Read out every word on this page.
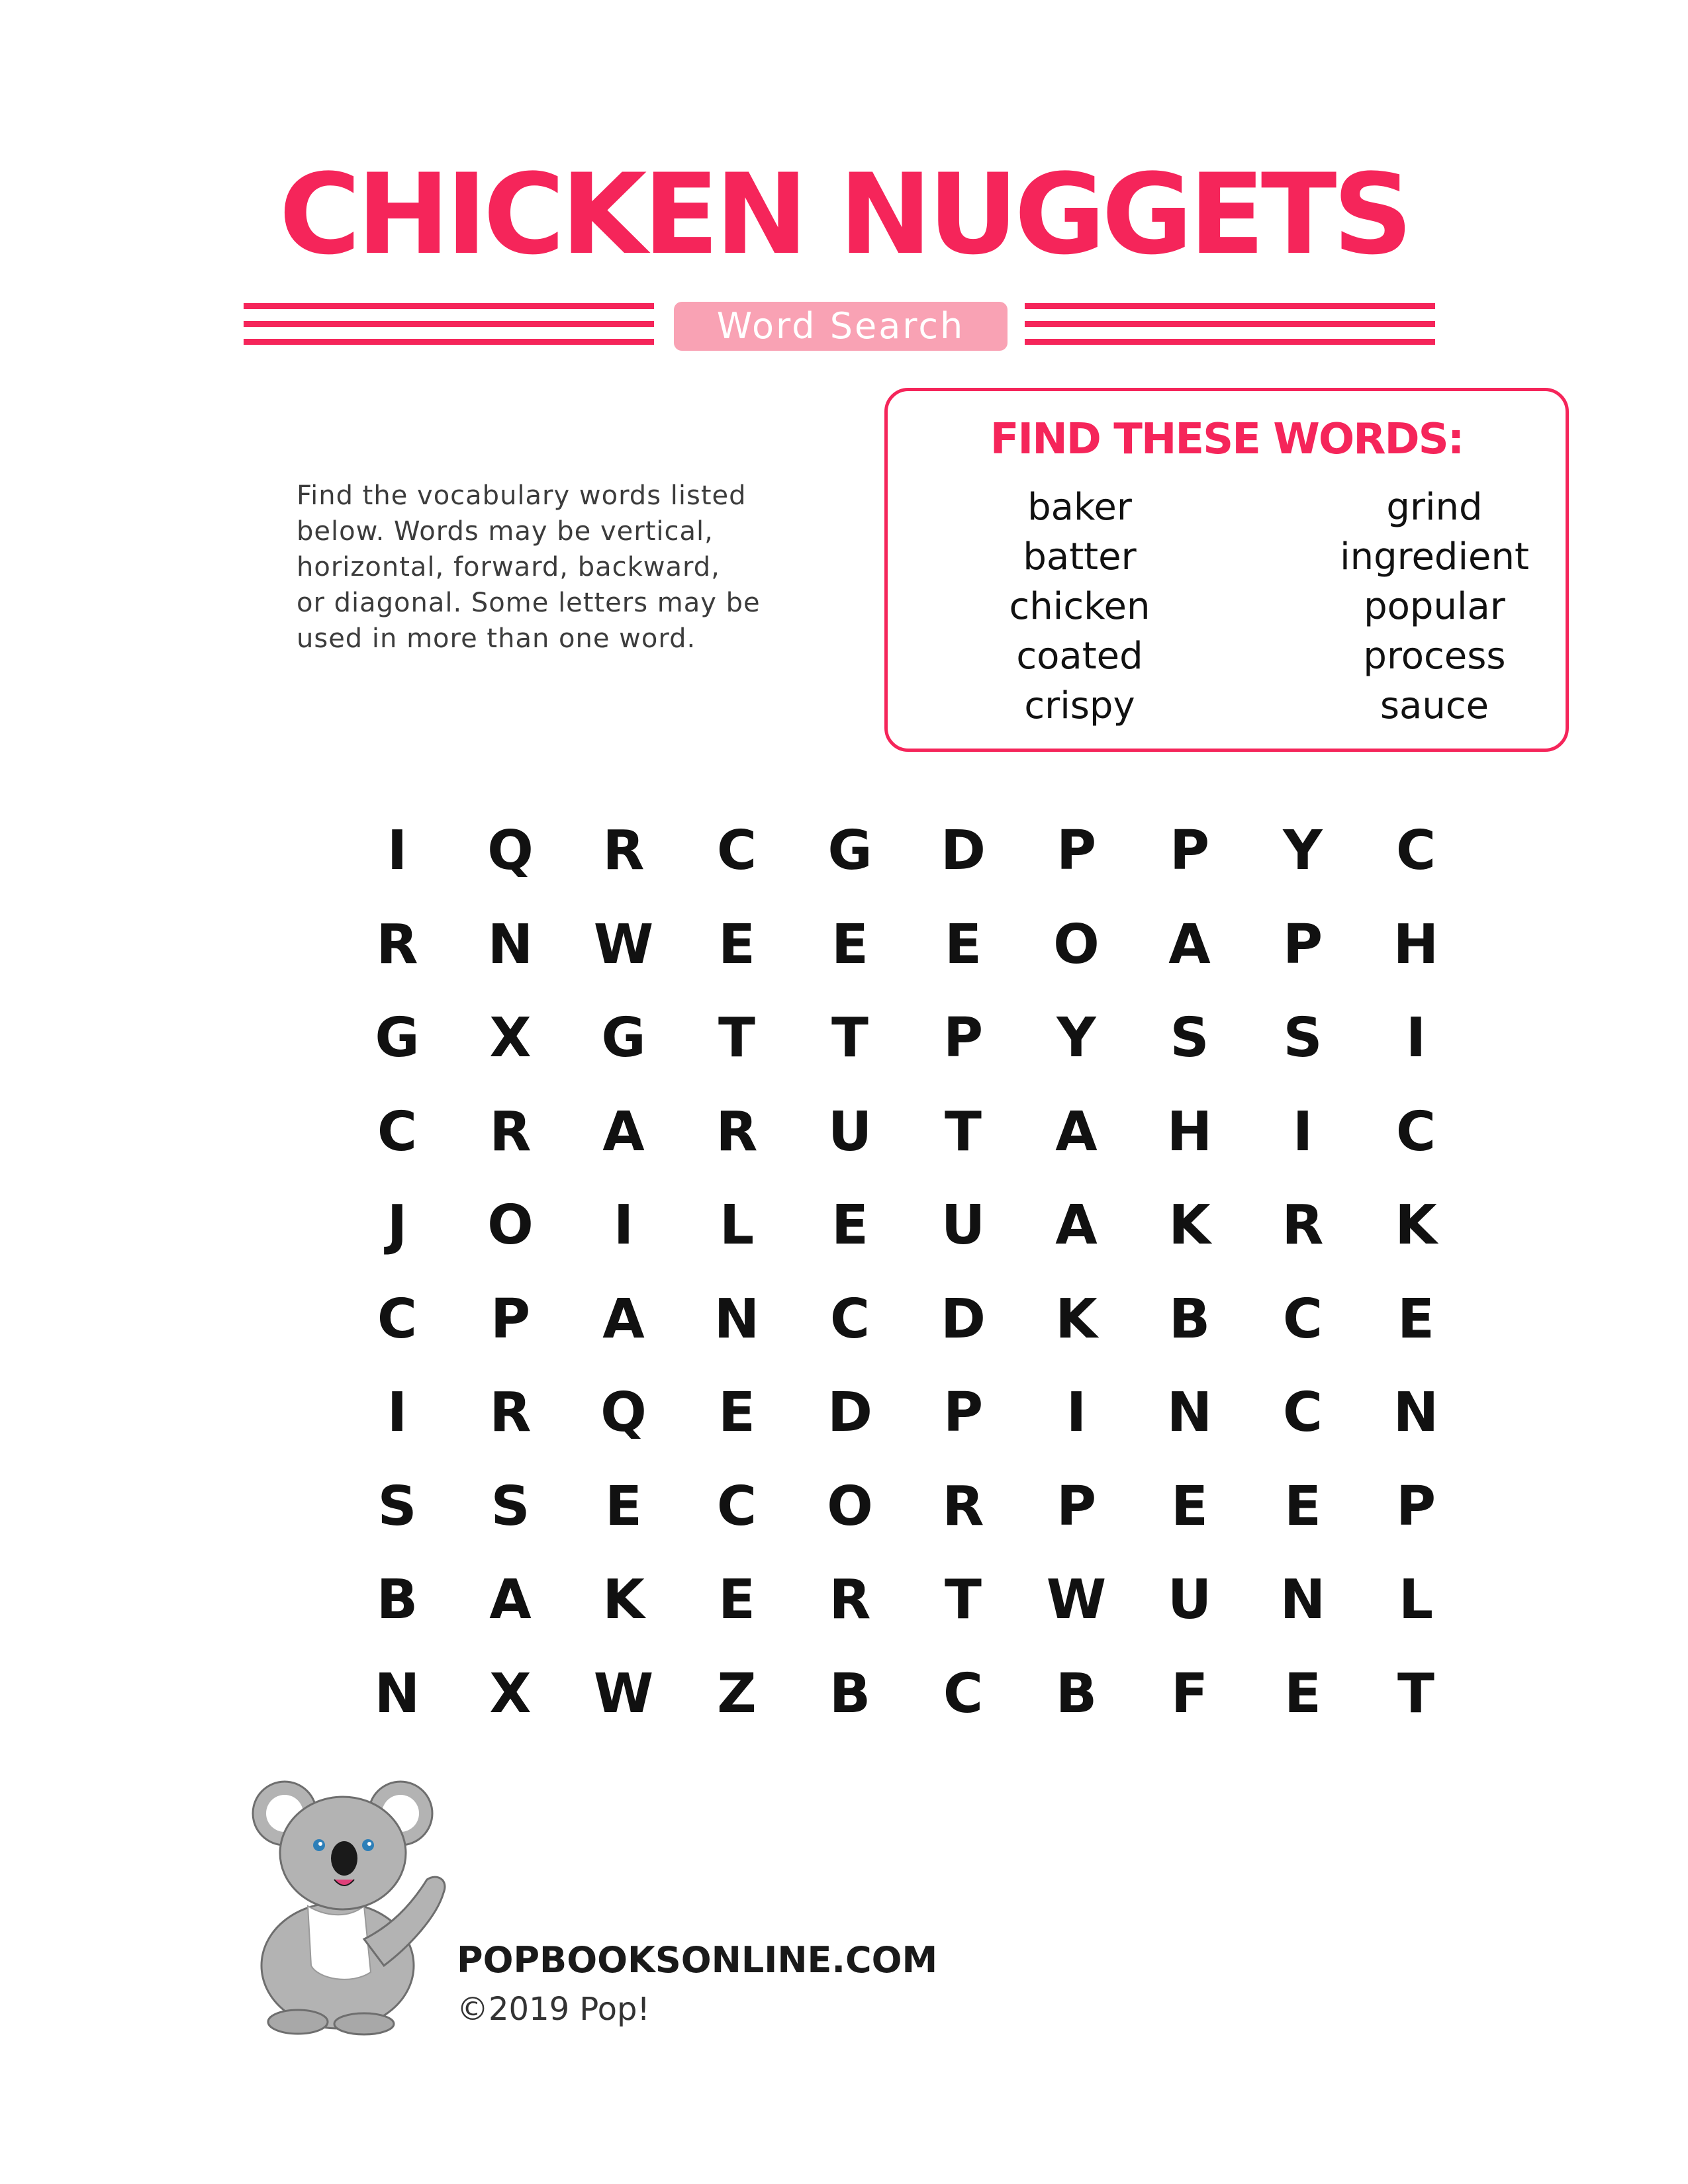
CHICKEN NUGGETS
Word Search
Find the vocabulary words listed
below. Words may be vertical,
horizontal, forward, backward,
or diagonal. Some letters may be
used in more than one word.
FIND THESE WORDS:
baker
batter
chicken
coated
crispy
grind
ingredient
popular
process
sauce
I	Q	R	C	G	D	P	P	Y	C
R	N	W	E	E	E	O	A	P	H
G	X	G	T	T	P	Y	S	S	I
C	R	A	R	U	T	A	H	I	C
J	O	I	L	E	U	A	K	R	K
C	P	A	N	C	D	K	B	C	E
I	R	Q	E	D	P	I	N	C	N
S	S	E	C	O	R	P	E	E	P
B	A	K	E	R	T	W	U	N	L
N	X	W	Z	B	C	B	F	E	T
POPBOOKSONLINE.COM
©2019 Pop!
